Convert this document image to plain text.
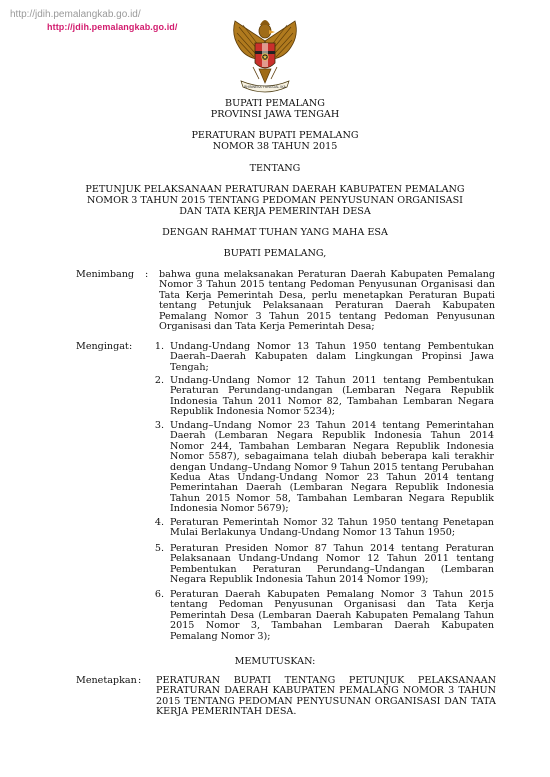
http://jdih.pemalangkab.go.id/
http://jdih.pemalangkab.go.id/
BHINNEKA TUNGGAL IKA
BUPATI PEMALANG
PROVINSI JAWA TENGAH
PERATURAN BUPATI PEMALANG
NOMOR 38 TAHUN 2015
TENTANG
PETUNJUK PELAKSANAAN PERATURAN DAERAH KABUPATEN PEMALANG
NOMOR 3 TAHUN 2015 TENTANG PEDOMAN PENYUSUNAN ORGANISASI
DAN TATA KERJA PEMERINTAH DESA
DENGAN RAHMAT TUHAN YANG MAHA ESA
BUPATI PEMALANG,
Menimbang : bahwa guna melaksanakan Peraturan Daerah Kabupaten Pemalang Nomor 3 Tahun 2015 tentang Pedoman Penyusunan Organisasi dan Tata Kerja Pemerintah Desa, perlu menetapkan Peraturan Bupati tentang Petunjuk Pelaksanaan Peraturan Daerah Kabupaten Pemalang Nomor 3 Tahun 2015 tentang Pedoman Penyusunan Organisasi dan Tata Kerja Pemerintah Desa;
Mengingat :	1. Undang-Undang Nomor 13 Tahun 1950 tentang Pembentukan Daerah–Daerah Kabupaten dalam Lingkungan Propinsi Jawa Tengah;
2. Undang-Undang Nomor 12 Tahun 2011 tentang Pembentukan Peraturan Perundang-undangan (Lembaran Negara Republik Indonesia Tahun 2011 Nomor 82, Tambahan Lembaran Negara Republik Indonesia Nomor 5234);
3. Undang–Undang Nomor 23 Tahun 2014 tentang Pemerintahan Daerah (Lembaran Negara Republik Indonesia Tahun 2014 Nomor 244, Tambahan Lembaran Negara Republik Indonesia Nomor 5587), sebagaimana telah diubah beberapa kali terakhir dengan Undang–Undang Nomor 9 Tahun 2015 tentang Perubahan Kedua Atas Undang-Undang Nomor 23 Tahun 2014 tentang Pemerintahan Daerah (Lembaran Negara Republik Indonesia Tahun 2015 Nomor 58, Tambahan Lembaran Negara Republik Indonesia Nomor 5679);
4. Peraturan Pemerintah Nomor 32 Tahun 1950 tentang Penetapan Mulai Berlakunya Undang-Undang Nomor 13 Tahun 1950;
5. Peraturan Presiden Nomor 87 Tahun 2014 tentang Peraturan Pelaksanaan Undang-Undang Nomor 12 Tahun 2011 tentang Pembentukan Peraturan Perundang–Undangan (Lembaran Negara Republik Indonesia Tahun 2014 Nomor 199);
6. Peraturan Daerah Kabupaten Pemalang Nomor 3 Tahun 2015 tentang Pedoman Penyusunan Organisasi dan Tata Kerja Pemerintah Desa (Lembaran Daerah Kabupaten Pemalang Tahun 2015 Nomor 3, Tambahan Lembaran Daerah Kabupaten Pemalang Nomor 3);
MEMUTUSKAN:
Menetapkan : PERATURAN BUPATI TENTANG PETUNJUK PELAKSANAAN PERATURAN DAERAH KABUPATEN PEMALANG NOMOR 3 TAHUN 2015 TENTANG PEDOMAN PENYUSUNAN ORGANISASI DAN TATA KERJA PEMERINTAH DESA.
